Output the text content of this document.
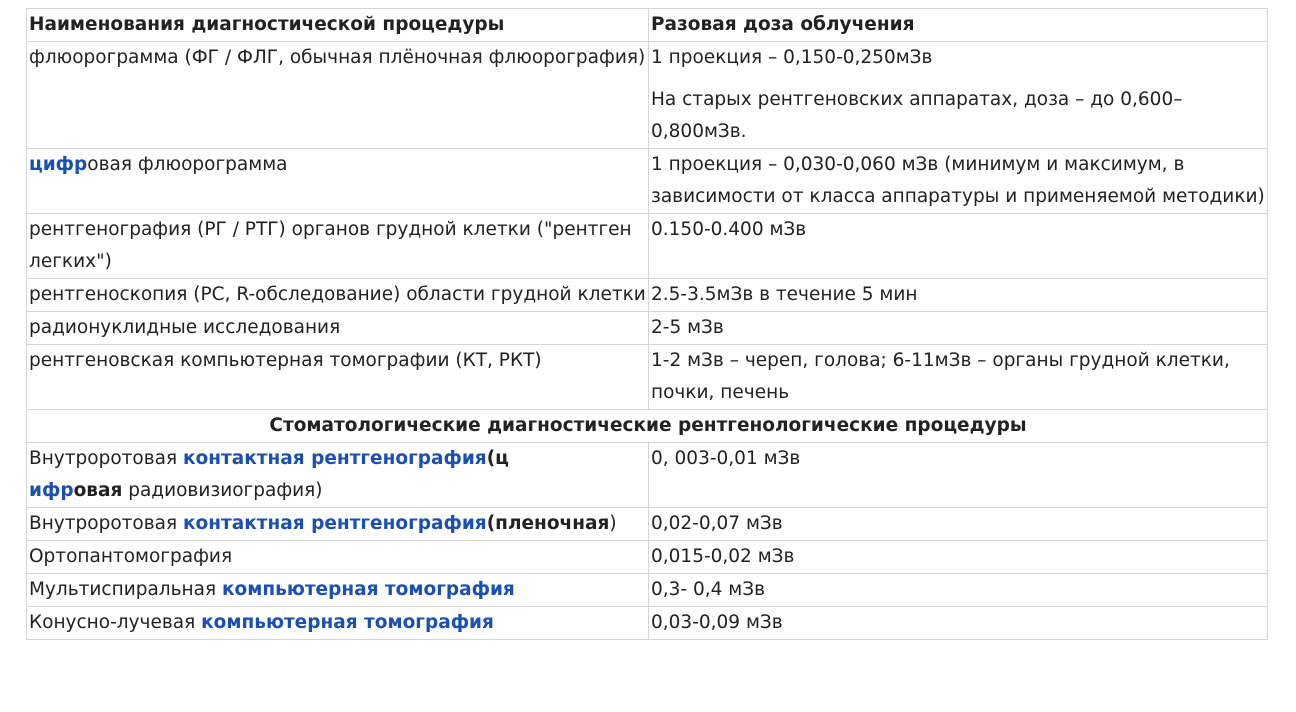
Наименования диагностической процедуры	Разовая доза облучения
флюорограмма (ФГ / ФЛГ, обычная плёночная флюорография)	1 проекция – 0,150-0,250мЗв
На старых рентгеновских аппаратах, доза – до 0,600–0,800мЗв.

цифровая флюорограмма	1 проекция – 0,030-0,060 мЗв (минимум и максимум, в зависимости от класса аппаратуры и применяемой методики)
рентгенография (РГ / РТГ) органов грудной клетки ("рентген легких")	0.150-0.400 мЗв
рентгеноскопия (РС, R-обследование) области грудной клетки	2.5-3.5мЗв в течение 5 мин
радионуклидные исследования	2-5 мЗв
рентгеновская компьютерная томографии (КТ, РКТ)	1-2 мЗв – череп, голова; 6-11мЗв – органы грудной клетки, почки, печень
Стоматологические диагностические рентгенологические процедуры	
Внутроротовая контактная рентгенография(ц
ифровая радиовизиография)	0, 003-0,01 мЗв
Внутроротовая контактная рентгенография(пленочная)	0,02-0,07 мЗв
Ортопантомография	0,015-0,02 мЗв
Мультиспиральная компьютерная томография	0,3- 0,4 мЗв
Конусно-лучевая компьютерная томография	0,03-0,09 мЗв
